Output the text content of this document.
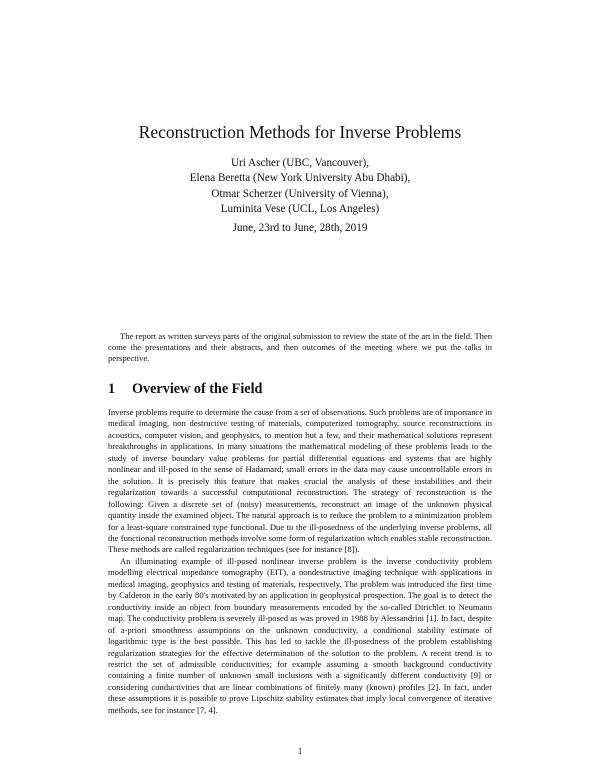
Reconstruction Methods for Inverse Problems
Uri Ascher (UBC, Vancouver),
Elena Beretta (New York University Abu Dhabi),
Otmar Scherzer (University of Vienna),
Luminita Vese (UCL, Los Angeles)
June, 23rd to June, 28th, 2019

The report as written surveys parts of the original submission to review the state of the art in the field. Then come the presentations and their abstracts, and then outcomes of the meeting where we put the talks in perspective.

1 Overview of the Field

Inverse problems require to determine the cause from a set of observations. Such problems are of importance in medical imaging, non destructive testing of materials, computerized tomography, source reconstructions in acoustics, computer vision, and geophysics, to mention but a few, and their mathematical solutions represent breakthroughs in applications. In many situations the mathematical modeling of these problems leads to the study of inverse boundary value problems for partial differential equations and systems that are highly nonlinear and ill-posed in the sense of Hadamard; small errors in the data may cause uncontrollable errors in the solution. It is precisely this feature that makes crucial the analysis of these instabilities and their regularization towards a successful computational reconstruction. The strategy of reconstruction is the following: Given a discrete set of (noisy) measurements, reconstruct an image of the unknown physical quantity inside the examined object. The natural approach is to reduce the problem to a minimization problem for a least-square constrained type functional. Due to the ill-posedness of the underlying inverse problems, all the functional reconstruction methods involve some form of regularization which enables stable reconstruction. These methods are called regularization techniques (see for instance [8]).

An illuminating example of ill-posed nonlinear inverse problem is the inverse conductivity problem modelling electrical impedance tomography (EIT), a nondestructive imaging technique with applications in medical imaging, geophysics and testing of materials, respectively. The problem was introduced the first time by Calderon in the early 80's motivated by an application in geophysical prospection. The goal is to detect the conductivity inside an object from boundary measurements encoded by the so-called Dirichlet to Neumann map. The conductivity problem is severely ill-posed as was proved in 1988 by Alessandrini [1]. In fact, despite of a-priori smoothness assumptions on the unknown conductivity, a conditional stability estimate of logarithmic type is the best possible. This has led to tackle the ill-posedness of the problem establishing regularization strategies for the effective determination of the solution to the problem. A recent trend is to restrict the set of admissible conductivities; for example assuming a smooth background conductivity containing a finite number of unknown small inclusions with a significantly different conductivity [9] or considering conductivities that are linear combinations of finitely many (known) profiles [2]. In fact, under these assumptions it is possible to prove Lipschitz stability estimates that imply local convergence of iterative methods, see for instance [7, 4].

1
